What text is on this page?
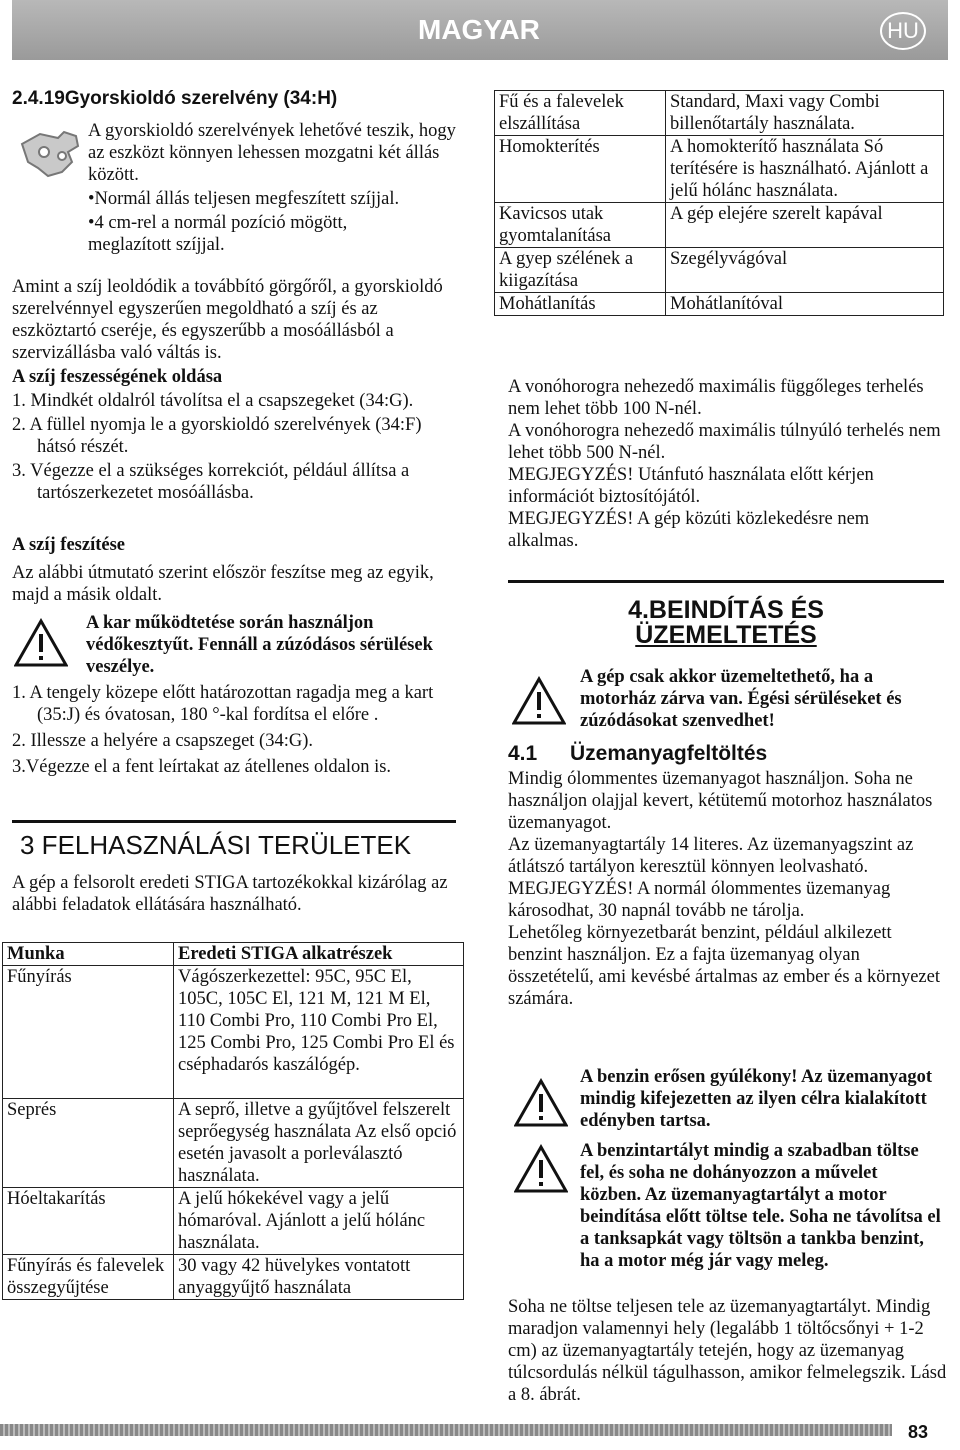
MAGYAR	HU
2.4.19Gyorskioldó szerelvény (34:H)
A gyorskioldó szerelvények lehetővé teszik, hogy az eszközt könnyen lehessen mozgatni két állás között.
•Normál állás teljesen megfeszített szíjjal.
•4 cm-rel a normál pozíció mögött, meglazított szíjjal.
Amint a szíj leoldódik a továbbító görgőről, a gyorskioldó szerelvénnyel egyszerűen megoldható a szíj és az eszköztartó cseréje, és egyszerűbb a mosóállásból a szervizállásba való váltás is.
A szíj feszességének oldása
1. Mindkét oldalról távolítsa el a csapszegeket (34:G).
2. A füllel nyomja le a gyorskioldó szerelvények (34:F) hátsó részét.
3. Végezze el a szükséges korrekciót, például állítsa a tartószerkezetet mosóállásba.
A szíj feszítése
Az alábbi útmutató szerint először feszítse meg az egyik, majd a másik oldalt.
A kar működtetése során használjon védőkesztyűt. Fennáll a zúzódásos sérülések veszélye.
1. A tengely közepe előtt határozottan ragadja meg a kart (35:J) és óvatosan, 180 °-kal fordítsa el előre .
2. Illessze a helyére a csapszeget (34:G).
3.Végezze el a fent leírtakat az átellenes oldalon is.
3 FELHASZNÁLÁSI TERÜLETEK
A gép a felsorolt eredeti STIGA tartozékokkal kizárólag az alábbi feladatok ellátására használható.
Munka	Eredeti STIGA alkatrészek
Fűnyírás	Vágószerkezettel: 95C, 95C El, 105C, 105C El, 121 M, 121 M El, 110 Combi Pro, 110 Combi Pro El, 125 Combi Pro, 125 Combi Pro El és cséphadarós kaszálógép.
Seprés	A seprő, illetve a gyűjtővel felszerelt seprőegység használata Az első opció esetén javasolt a porleválasztó használata.
Hóeltakarítás	A jelű hókekével vagy a jelű hómaróval. Ajánlott a jelű hólánc használata.
Fűnyírás és falevelek összegyűjtése	30 vagy 42 hüvelykes vontatott anyaggyűjtő használata
Fű és a falevelek elszállítása	Standard, Maxi vagy Combi billenőtartály használata.
Homokterítés	A homokterítő használata Só terítésére is használható. Ajánlott a jelű hólánc használata.
Kavicsos utak gyomtalanítása	A gép elejére szerelt kapával
A gyep szélének a kiigazítása	Szegélyvágóval
Mohátlanítás	Mohátlanítóval
A vonóhorogra nehezedő maximális függőleges terhelés nem lehet több 100 N-nél.
A vonóhorogra nehezedő maximális túlnyúló terhelés nem lehet több 500 N-nél.
MEGJEGYZÉS! Utánfutó használata előtt kérjen információt biztosítójától.
MEGJEGYZÉS! A gép közúti közlekedésre nem alkalmas.
4.BEINDÍTÁS ÉS
ÜZEMELTETÉS
A gép csak akkor üzemeltethető, ha a motorház zárva van. Égési sérüléseket és zúzódásokat szenvedhet!
4.1 Üzemanyagfeltöltés
Mindig ólommentes üzemanyagot használjon. Soha ne használjon olajjal kevert, kétütemű motorhoz használatos üzemanyagot.
Az üzemanyagtartály 14 literes. Az üzemanyagszint az átlátszó tartályon keresztül könnyen leolvasható.
MEGJEGYZÉS! A normál ólommentes üzemanyag károsodhat, 30 napnál tovább ne tárolja.
Lehetőleg környezetbarát benzint, például alkilezett benzint használjon. Ez a fajta üzemanyag olyan összetételű, ami kevésbé ártalmas az ember és a környezet számára.
A benzin erősen gyúlékony! Az üzemanyagot mindig kifejezetten az ilyen célra kialakított edényben tartsa.
A benzintartályt mindig a szabadban töltse fel, és soha ne dohányozzon a művelet közben. Az üzemanyagtartályt a motor beindítása előtt töltse tele. Soha ne távolítsa el a tanksapkát vagy töltsön a tankba benzint, ha a motor még jár vagy meleg.
Soha ne töltse teljesen tele az üzemanyagtartályt. Mindig maradjon valamennyi hely (legalább 1 töltőcsőnyi + 1-2 cm) az üzemanyagtartály tetején, hogy az üzemanyag túlcsordulás nélkül tágulhasson, amikor felmelegszik. Lásd a 8. ábrát.
83
